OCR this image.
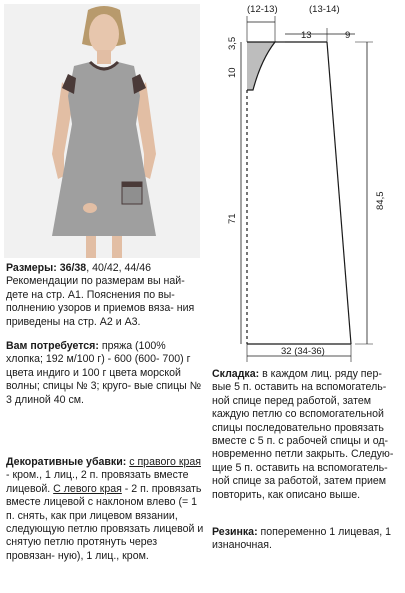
Размеры: 36/38, 40/42, 44/46 Рекомендации по размерам вы най- дете на стр. A1. Пояснения по вы- полнению узоров и приемов вяза- ния приведены на стр. A2 и A3.

Вам потребуется: пряжа (100% хлопка; 192 м/100 г) - 600 (600- 700) г цвета индиго и 100 г цвета морской волны; спицы № 3; круго- вые спицы № 3 длиной 40 см.

Декоративные убавки: с правого края - кром., 1 лиц., 2 п. провязать вместе лицевой. С левого края - 2 п. провязать вместе лицевой с наклоном влево (= 1 п. снять, как при лицевом вязании, следующую петлю провязать лицевой и снятую петлю протянуть через провязан- ную), 1 лиц., кром.

(12-13)	(13-14)
13	9
3,5
10
71
84,5
32 (34-36)

Складка: в каждом лиц. ряду пер- вые 5 п. оставить на вспомогатель- ной спице перед работой, затем каждую петлю со вспомогательной спицы последовательно провязать вместе с 5 п. с рабочей спицы и од- новременно петли закрыть. Следую- щие 5 п. оставить на вспомогатель- ной спице за работой, затем прием повторить, как описано выше.

Резинка: попеременно 1 лицевая, 1 изнаночная.
